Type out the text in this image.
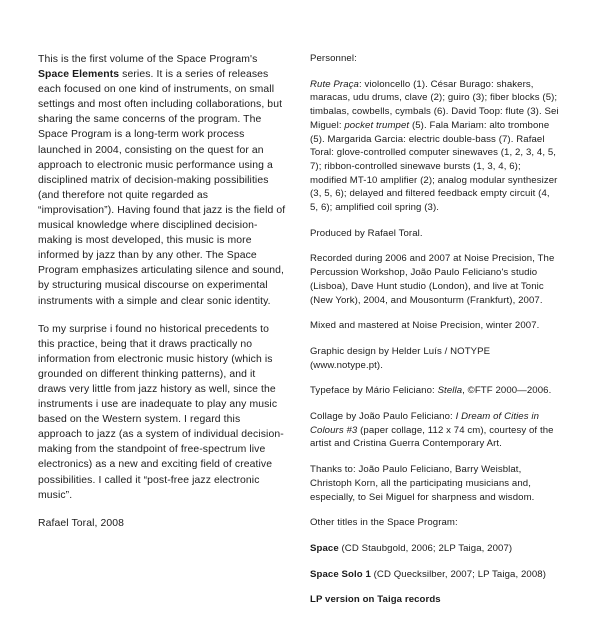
This is the first volume of the Space Program's Space Elements series. It is a series of releases each focused on one kind of instruments, on small settings and most often including collaborations, but sharing the same concerns of the program. The Space Program is a long-term work process launched in 2004, consisting on the quest for an approach to electronic music performance using a disciplined matrix of decision-making possibilities (and therefore not quite regarded as “improvisation”). Having found that jazz is the field of musical knowledge where disciplined decision-making is most developed, this music is more informed by jazz than by any other. The Space Program emphasizes articulating silence and sound, by structuring musical discourse on experimental instruments with a simple and clear sonic identity.

To my surprise i found no historical precedents to this practice, being that it draws practically no information from electronic music history (which is grounded on different thinking patterns), and it draws very little from jazz history as well, since the instruments i use are inadequate to play any music based on the Western system. I regard this approach to jazz (as a system of individual decision-making from the standpoint of free-spectrum live electronics) as a new and exciting field of creative possibilities. I called it “post-free jazz electronic music”.

Rafael Toral, 2008

Personnel:

Rute Praça: violoncello (1). César Burago: shakers, maracas, udu drums, clave (2); guiro (3); fiber blocks (5); timbalas, cowbells, cymbals (6). David Toop: flute (3). Sei Miguel: pocket trumpet (5). Fala Mariam: alto trombone (5). Margarida Garcia: electric double-bass (7). Rafael Toral: glove-controlled computer sinewaves (1, 2, 3, 4, 5, 7); ribbon-controlled sinewave bursts (1, 3, 4, 6); modified MT-10 amplifier (2); analog modular synthesizer (3, 5, 6); delayed and filtered feedback empty circuit (4, 5, 6); amplified coil spring (3).

Produced by Rafael Toral.

Recorded during 2006 and 2007 at Noise Precision, The Percussion Workshop, João Paulo Feliciano's studio (Lisboa), Dave Hunt studio (London), and live at Tonic (New York), 2004, and Mousonturm (Frankfurt), 2007.

Mixed and mastered at Noise Precision, winter 2007.

Graphic design by Helder Luís / NOTYPE (www.notype.pt).

Typeface by Mário Feliciano: Stella, ©FTF 2000—2006.

Collage by João Paulo Feliciano: I Dream of Cities in Colours #3 (paper collage, 112 x 74 cm), courtesy of the artist and Cristina Guerra Contemporary Art.

Thanks to: João Paulo Feliciano, Barry Weisblat, Christoph Korn, all the participating musicians and, especially, to Sei Miguel for sharpness and wisdom.

Other titles in the Space Program:

Space (CD Staubgold, 2006; 2LP Taiga, 2007)

Space Solo 1 (CD Quecksilber, 2007; LP Taiga, 2008)

LP version on Taiga records
